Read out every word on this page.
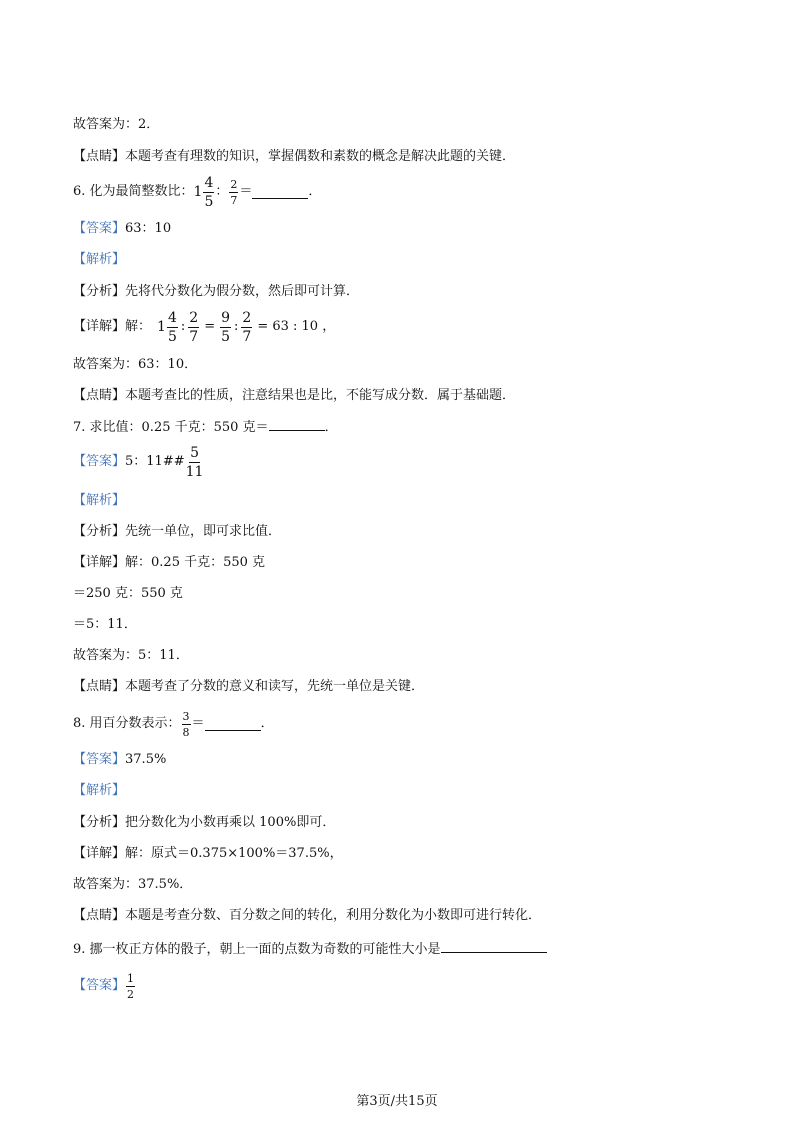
故答案为：2．
【点睛】本题考查有理数的知识，掌握偶数和素数的概念是解决此题的关键．
6. 化为最简整数比： $1 \frac{4}{5}$ ： $\frac{2}{7}$ ＝	．
【答案】63：10
【解析】
【分析】先将代分数化为假分数，然后即可计算．
【详解】 解： $1 \frac{4}{5}$ : $\frac{2}{7} = \frac{9}{5}$ : $\frac{2}{7} = 63$ : 10 ，
故答案为：63：10．
【点睛】本题考查比的性质，注意结果也是比，不能写成分数．属于基础题．
7. 求比值：0.25 千克：550 克＝	．
【答案】 5：11## $\frac{5}{11}$
【解析】
【分析】先统一单位，即可求比值．
【详解】解：0.25 千克：550 克
＝250 克：550 克
＝5：11．
故答案为：5：11．
【点睛】本题考查了分数的意义和读写，先统一单位是关键．
8. 用百分数表示： $\frac{3}{8}$ ＝	．
【答案】37.5%
【解析】
【分析】把分数化为小数再乘以 100%即可．
【详解】解：原式＝0.375×100%＝37.5%，
故答案为：37.5%．
【点睛】本题是考查分数、百分数之间的转化，利用分数化为小数即可进行转化．
9. 挪一枚正方体的骰子，朝上一面的点数为奇数的可能性大小是
【答案】 $\frac{1}{2}$
第3页/共15页
